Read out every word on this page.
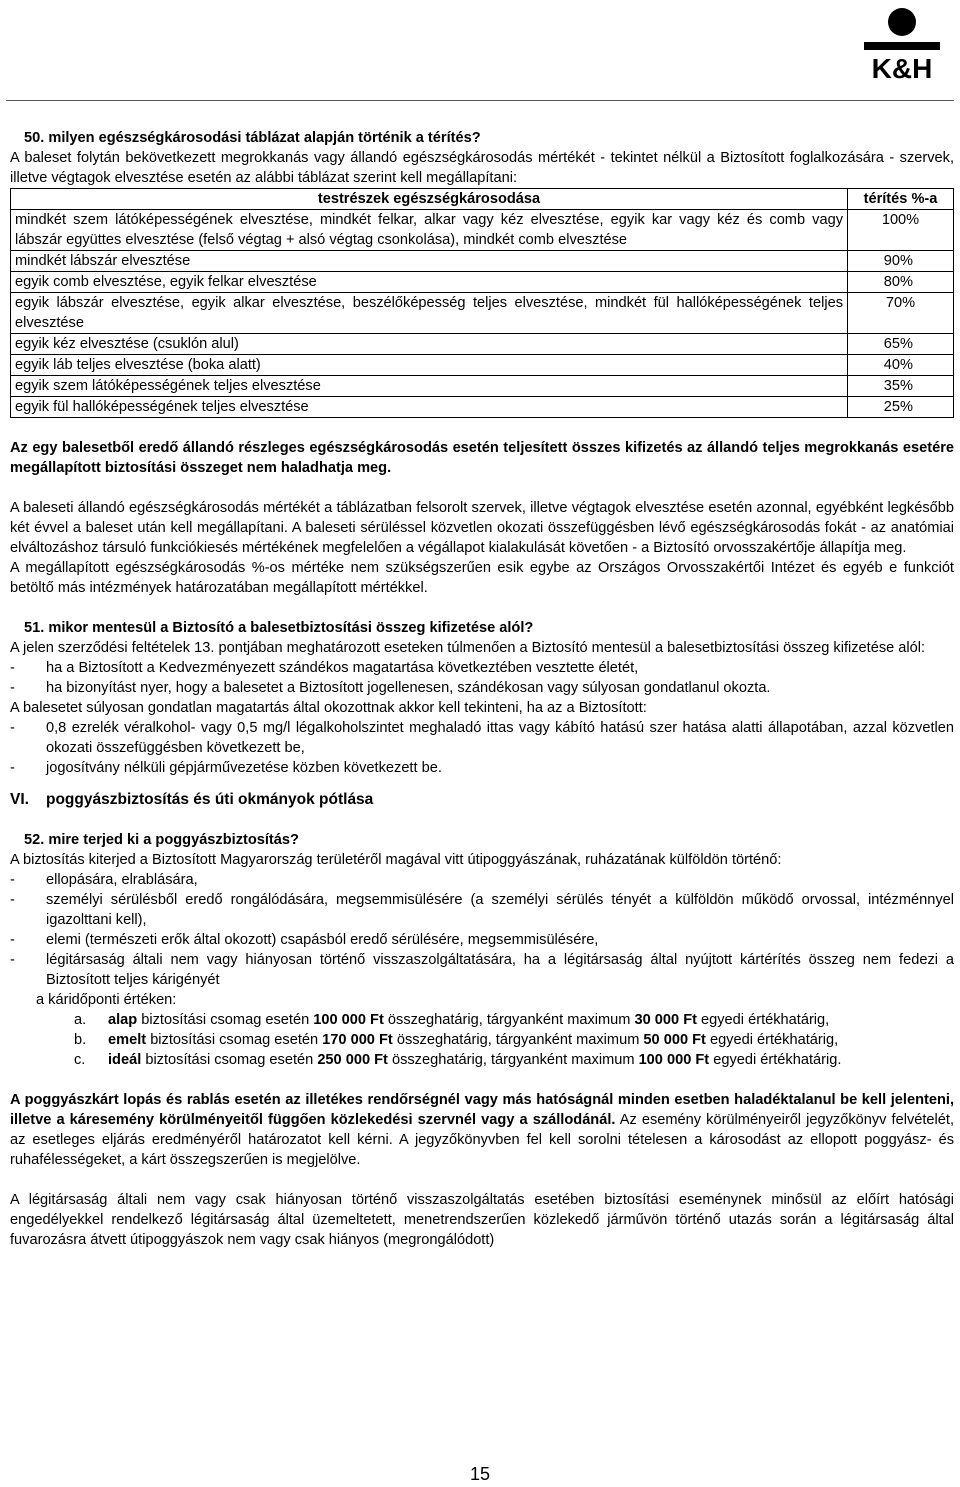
K&H

50. milyen egészségkárosodási táblázat alapján történik a térítés?

A baleset folytán bekövetkezett megrokkanás vagy állandó egészségkárosodás mértékét - tekintet nélkül a Biztosított foglalkozására - szervek, illetve végtagok elvesztése esetén az alábbi táblázat szerint kell megállapítani:

testrészek egészségkárosodása	térítés %-a
mindkét szem látóképességének elvesztése, mindkét felkar, alkar vagy kéz elvesztése, egyik kar vagy kéz és comb vagy lábszár együttes elvesztése (felső végtag + alsó végtag csonkolása), mindkét comb elvesztése	100%
mindkét lábszár elvesztése	90%
egyik comb elvesztése, egyik felkar elvesztése	80%
egyik lábszár elvesztése, egyik alkar elvesztése, beszélőképesség teljes elvesztése, mindkét fül hallóképességének teljes elvesztése	70%
egyik kéz elvesztése (csuklón alul)	65%
egyik láb teljes elvesztése (boka alatt)	40%
egyik szem látóképességének teljes elvesztése	35%
egyik fül hallóképességének teljes elvesztése	25%

Az egy balesetből eredő állandó részleges egészségkárosodás esetén teljesített összes kifizetés az állandó teljes megrokkanás esetére megállapított biztosítási összeget nem haladhatja meg.

A baleseti állandó egészségkárosodás mértékét a táblázatban felsorolt szervek, illetve végtagok elvesztése esetén azonnal, egyébként legkésőbb két évvel a baleset után kell megállapítani. A baleseti sérüléssel közvetlen okozati összefüggésben lévő egészségkárosodás fokát - az anatómiai elváltozáshoz társuló funkciókiesés mértékének megfelelően a végállapot kialakulását követően - a Biztosító orvosszakértője állapítja meg.

A megállapított egészségkárosodás %-os mértéke nem szükségszerűen esik egybe az Országos Orvosszakértői Intézet és egyéb e funkciót betöltő más intézmények határozatában megállapított mértékkel.

51. mikor mentesül a Biztosító a balesetbiztosítási összeg kifizetése alól?

A jelen szerződési feltételek 13. pontjában meghatározott eseteken túlmenően a Biztosító mentesül a balesetbiztosítási összeg kifizetése alól:

-	ha a Biztosított a Kedvezményezett szándékos magatartása következtében vesztette életét,
-	ha bizonyítást nyer, hogy a balesetet a Biztosított jogellenesen, szándékosan vagy súlyosan gondatlanul okozta.

A balesetet súlyosan gondatlan magatartás által okozottnak akkor kell tekinteni, ha az a Biztosított:

-	0,8 ezrelék véralkohol- vagy 0,5 mg/l légalkoholszintet meghaladó ittas vagy kábító hatású szer hatása alatti állapotában, azzal közvetlen okozati összefüggésben következett be,
-	jogosítvány nélküli gépjárművezetése közben következett be.
VI.	poggyászbiztosítás és úti okmányok pótlása

52. mire terjed ki a poggyászbiztosítás?

A biztosítás kiterjed a Biztosított Magyarország területéről magával vitt útipoggyászának, ruházatának külföldön történő:

-	ellopására, elrablására,
-	személyi sérülésből eredő rongálódására, megsemmisülésére (a személyi sérülés tényét a külföldön működő orvossal, intézménnyel igazolttani kell),
-	elemi (természeti erők által okozott) csapásból eredő sérülésére, megsemmisülésére,
-	légitársaság általi nem vagy hiányosan történő visszaszolgáltatására, ha a légitársaság által nyújtott kártérítés összeg nem fedezi a Biztosított teljes kárigényét

a káridőponti értéken:

a.	alap biztosítási csomag esetén 100 000 Ft összeghatárig, tárgyanként maximum 30 000 Ft egyedi értékhatárig,
b.	emelt biztosítási csomag esetén 170 000 Ft összeghatárig, tárgyanként maximum 50 000 Ft egyedi értékhatárig,
c.	ideál biztosítási csomag esetén 250 000 Ft összeghatárig, tárgyanként maximum 100 000 Ft egyedi értékhatárig.

A poggyászkárt lopás és rablás esetén az illetékes rendőrségnél vagy más hatóságnál minden esetben haladéktalanul be kell jelenteni, illetve a káresemény körülményeitől függően közlekedési szervnél vagy a szállodánál. Az esemény körülményeiről jegyzőkönyv felvételét, az esetleges eljárás eredményéről határozatot kell kérni. A jegyzőkönyvben fel kell sorolni tételesen a károsodást az ellopott poggyász- és ruhafélességeket, a kárt összegszerűen is megjelölve.

A légitársaság általi nem vagy csak hiányosan történő visszaszolgáltatás esetében biztosítási eseménynek minősül az előírt hatósági engedélyekkel rendelkező légitársaság által üzemeltetett, menetrendszerűen közlekedő járművön történő utazás során a légitársaság által fuvarozásra átvett útipoggyászok nem vagy csak hiányos (megrongálódott)

15
